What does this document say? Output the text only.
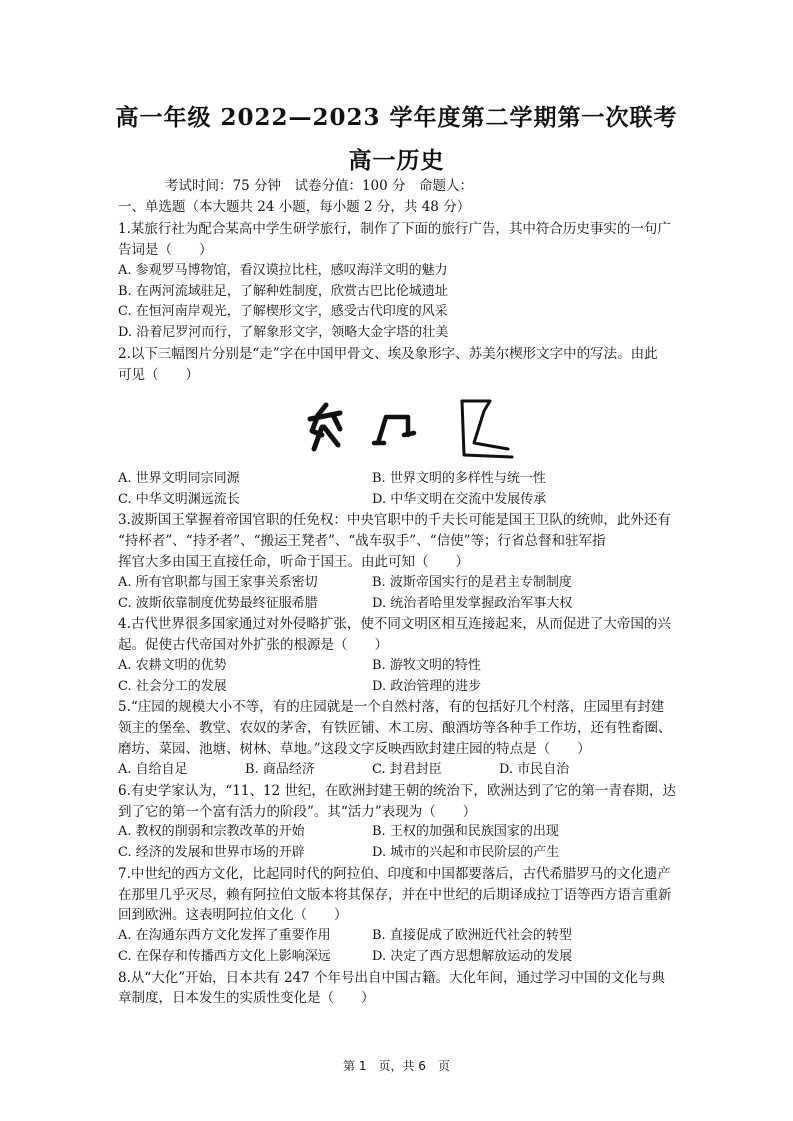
高一年级 2022—2023 学年度第二学期第一次联考
高一历史
考试时间：75 分钟　试卷分值：100 分　命题人：
一、单选题（本大题共 24 小题，每小题 2 分，共 48 分）
1.某旅行社为配合某高中学生研学旅行，制作了下面的旅行广告，其中符合历史事实的一句广
告词是（　　）
A. 参观罗马博物馆，看汉谟拉比柱，感叹海洋文明的魅力
B. 在两河流域驻足，了解种姓制度，欣赏古巴比伦城遗址
C. 在恒河南岸观光，了解楔形文字，感受古代印度的风采
D. 沿着尼罗河而行，了解象形文字，领略大金字塔的壮美
2.以下三幅图片分别是“走”字在中国甲骨文、埃及象形字、苏美尔楔形文字中的写法。由此
可见（　　）
A. 世界文明同宗同源	B. 世界文明的多样性与统一性
C. 中华文明渊远流长	D. 中华文明在交流中发展传承
3.波斯国王掌握着帝国官职的任免权：中央官职中的千夫长可能是国王卫队的统帅，此外还有
“持杯者”、“持矛者”、“搬运王凳者”、“战车驭手”、“信使”等；行省总督和驻军指
挥官大多由国王直接任命，听命于国王。由此可知（　　）
A. 所有官职都与国王家事关系密切	B. 波斯帝国实行的是君主专制制度
C. 波斯依靠制度优势最终征服希腊	D. 统治者哈里发掌握政治军事大权
4.古代世界很多国家通过对外侵略扩张，使不同文明区相互连接起来，从而促进了大帝国的兴
起。促使古代帝国对外扩张的根源是（　　）
A. 农耕文明的优势	B. 游牧文明的特性
C. 社会分工的发展	D. 政治管理的进步
5.“庄园的规模大小不等，有的庄园就是一个自然村落，有的包括好几个村落，庄园里有封建
领主的堡垒、教堂、农奴的茅舍，有铁匠铺、木工房、酿酒坊等各种手工作坊，还有牲畜圈、
磨坊、菜园、池塘、树林、草地。”这段文字反映西欧封建庄园的特点是（　　）
A. 自给自足	B. 商品经济	C. 封君封臣	D. 市民自治
6.有史学家认为，“11、12 世纪，在欧洲封建王朝的统治下，欧洲达到了它的第一青春期，达
到了它的第一个富有活力的阶段”。其“活力”表现为（　　）
A. 教权的削弱和宗教改革的开始	B. 王权的加强和民族国家的出现
C. 经济的发展和世界市场的开辟	D. 城市的兴起和市民阶层的产生
7.中世纪的西方文化，比起同时代的阿拉伯、印度和中国都要落后，古代希腊罗马的文化遗产
在那里几乎灭尽，赖有阿拉伯文版本将其保存，并在中世纪的后期译成拉丁语等西方语言重新
回到欧洲。这表明阿拉伯文化（　　）
A. 在沟通东西方文化发挥了重要作用	B. 直接促成了欧洲近代社会的转型
C. 在保存和传播西方文化上影响深远	D. 决定了西方思想解放运动的发展
8.从“大化”开始，日本共有 247 个年号出自中国古籍。大化年间，通过学习中国的文化与典
章制度，日本发生的实质性变化是（　　）
第 1　页，共 6　页
